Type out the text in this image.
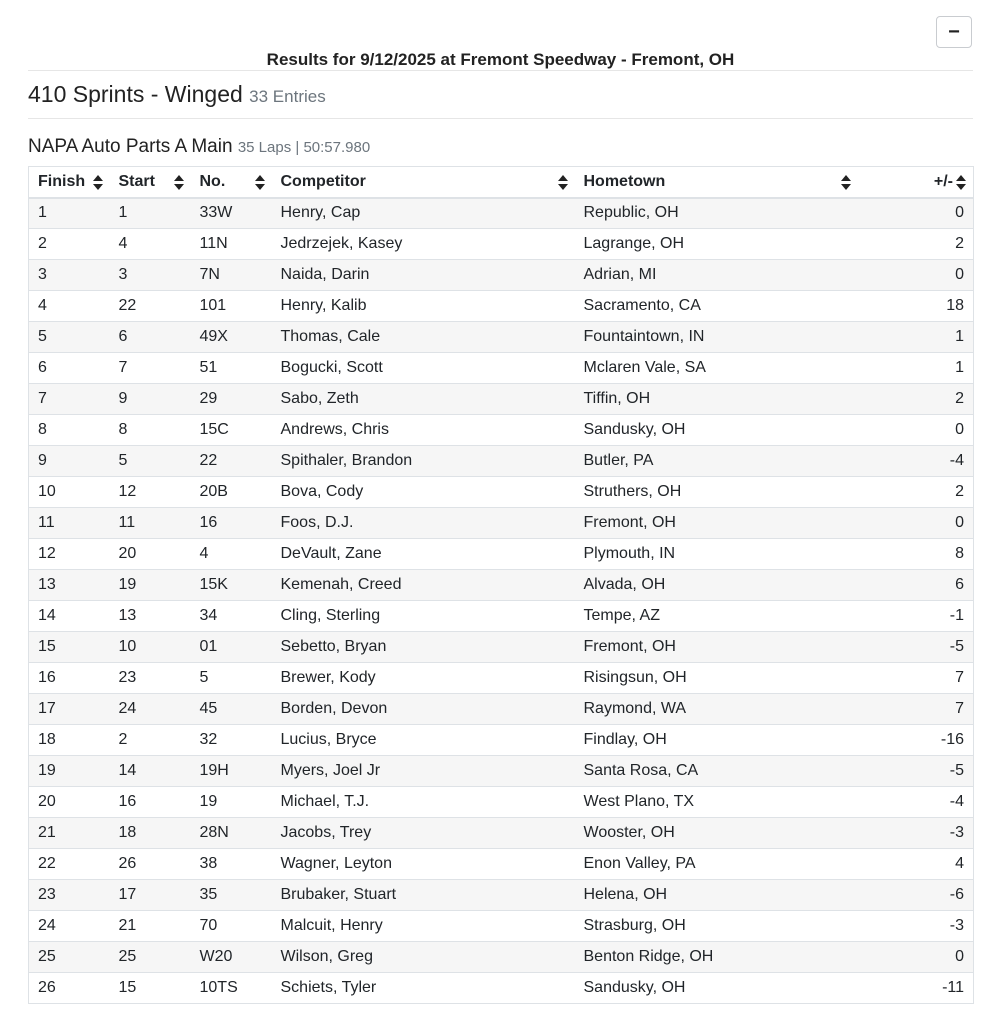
−
Results for 9/12/2025 at Fremont Speedway - Fremont, OH
410 Sprints - Winged 33 Entries
NAPA Auto Parts A Main 35 Laps | 50:57.980
Finish	Start	No.	Competitor	Hometown	+/-

1	1	33W	Henry, Cap	Republic, OH	0
2	4	11N	Jedrzejek, Kasey	Lagrange, OH	2
3	3	7N	Naida, Darin	Adrian, MI	0
4	22	101	Henry, Kalib	Sacramento, CA	18
5	6	49X	Thomas, Cale	Fountaintown, IN	1
6	7	51	Bogucki, Scott	Mclaren Vale, SA	1
7	9	29	Sabo, Zeth	Tiffin, OH	2
8	8	15C	Andrews, Chris	Sandusky, OH	0
9	5	22	Spithaler, Brandon	Butler, PA	-4
10	12	20B	Bova, Cody	Struthers, OH	2
11	11	16	Foos, D.J.	Fremont, OH	0
12	20	4	DeVault, Zane	Plymouth, IN	8
13	19	15K	Kemenah, Creed	Alvada, OH	6
14	13	34	Cling, Sterling	Tempe, AZ	-1
15	10	01	Sebetto, Bryan	Fremont, OH	-5
16	23	5	Brewer, Kody	Risingsun, OH	7
17	24	45	Borden, Devon	Raymond, WA	7
18	2	32	Lucius, Bryce	Findlay, OH	-16
19	14	19H	Myers, Joel Jr	Santa Rosa, CA	-5
20	16	19	Michael, T.J.	West Plano, TX	-4
21	18	28N	Jacobs, Trey	Wooster, OH	-3
22	26	38	Wagner, Leyton	Enon Valley, PA	4
23	17	35	Brubaker, Stuart	Helena, OH	-6
24	21	70	Malcuit, Henry	Strasburg, OH	-3
25	25	W20	Wilson, Greg	Benton Ridge, OH	0
26	15	10TS	Schiets, Tyler	Sandusky, OH	-11
